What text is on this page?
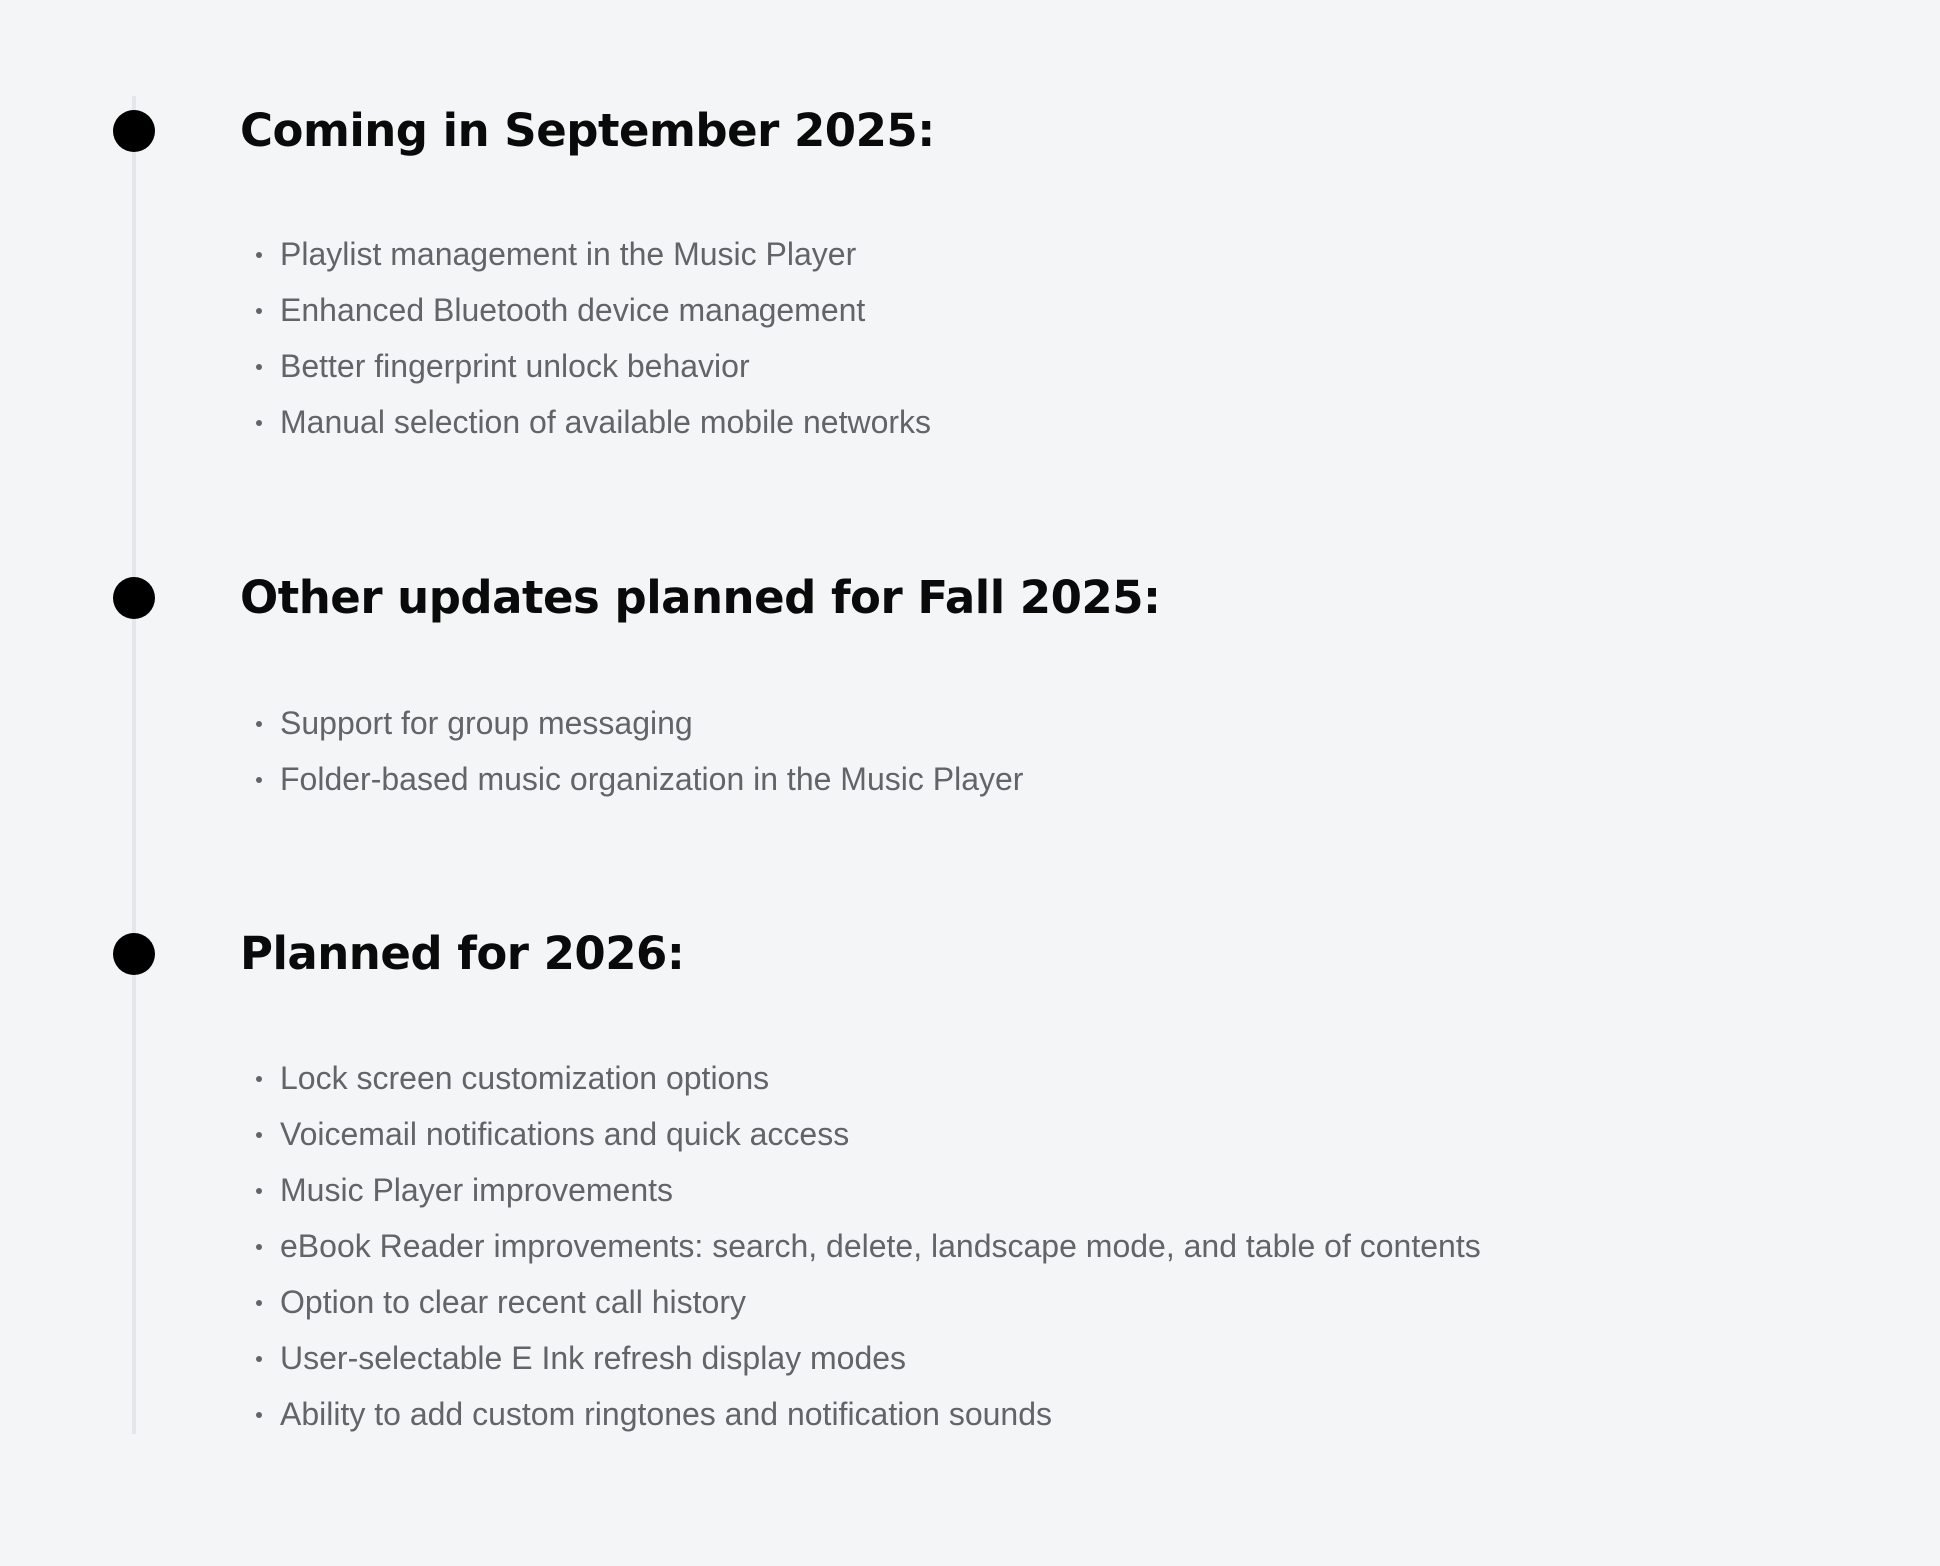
Coming in September 2025:
Playlist management in the Music Player
Enhanced Bluetooth device management
Better fingerprint unlock behavior
Manual selection of available mobile networks
Other updates planned for Fall 2025:
Support for group messaging
Folder-based music organization in the Music Player
Planned for 2026:
Lock screen customization options
Voicemail notifications and quick access
Music Player improvements
eBook Reader improvements: search, delete, landscape mode, and table of contents
Option to clear recent call history
User-selectable E Ink refresh display modes
Ability to add custom ringtones and notification sounds
